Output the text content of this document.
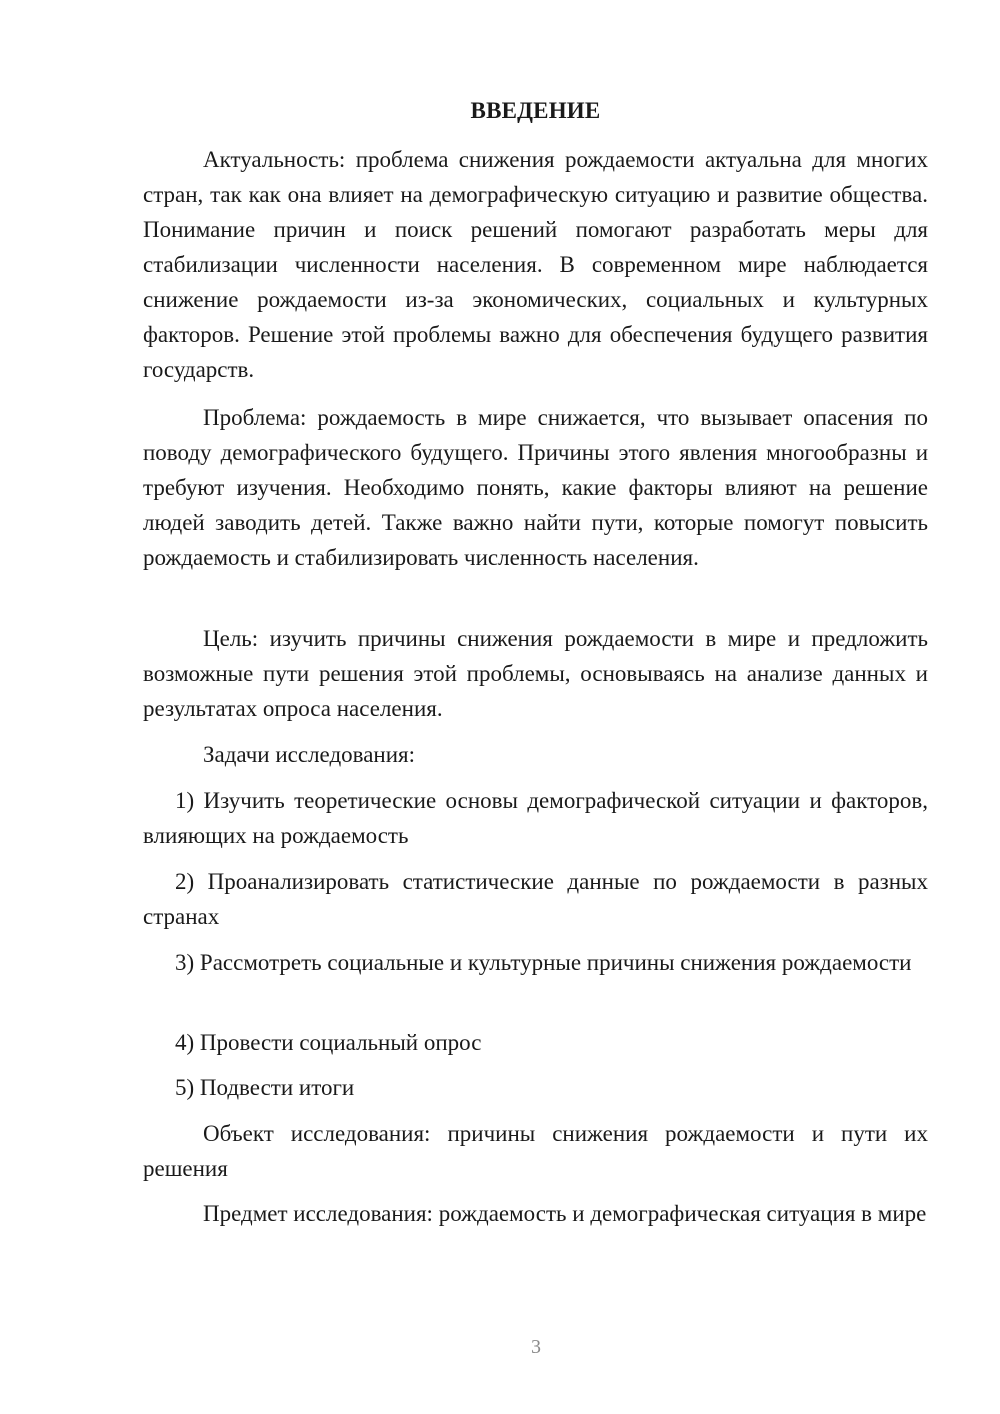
ВВЕДЕНИЕ

Актуальность: проблема снижения рождаемости актуальна для многих стран, так как она влияет на демографическую ситуацию и развитие общества. Понимание причин и поиск решений помогают разработать меры для стабилизации численности населения. В современном мире наблюдается снижение рождаемости из-за экономических, социальных и культурных факторов. Решение этой проблемы важно для обеспечения будущего развития государств.

Проблема: рождаемость в мире снижается, что вызывает опасения по поводу демографического будущего. Причины этого явления многообразны и требуют изучения. Необходимо понять, какие факторы влияют на решение людей заводить детей. Также важно найти пути, которые помогут повысить рождаемость и стабилизировать численность населения.

Цель: изучить причины снижения рождаемости в мире и предложить возможные пути решения этой проблемы, основываясь на анализе данных и результатах опроса населения.

Задачи исследования:

1) Изучить теоретические основы демографической ситуации и факторов, влияющих на рождаемость

2) Проанализировать статистические данные по рождаемости в разных странах

3) Рассмотреть социальные и культурные причины снижения рождаемости

4) Провести социальный опрос

5) Подвести итоги

Объект исследования: причины снижения рождаемости и пути их решения

Предмет исследования: рождаемость и демографическая ситуация в мире

3
